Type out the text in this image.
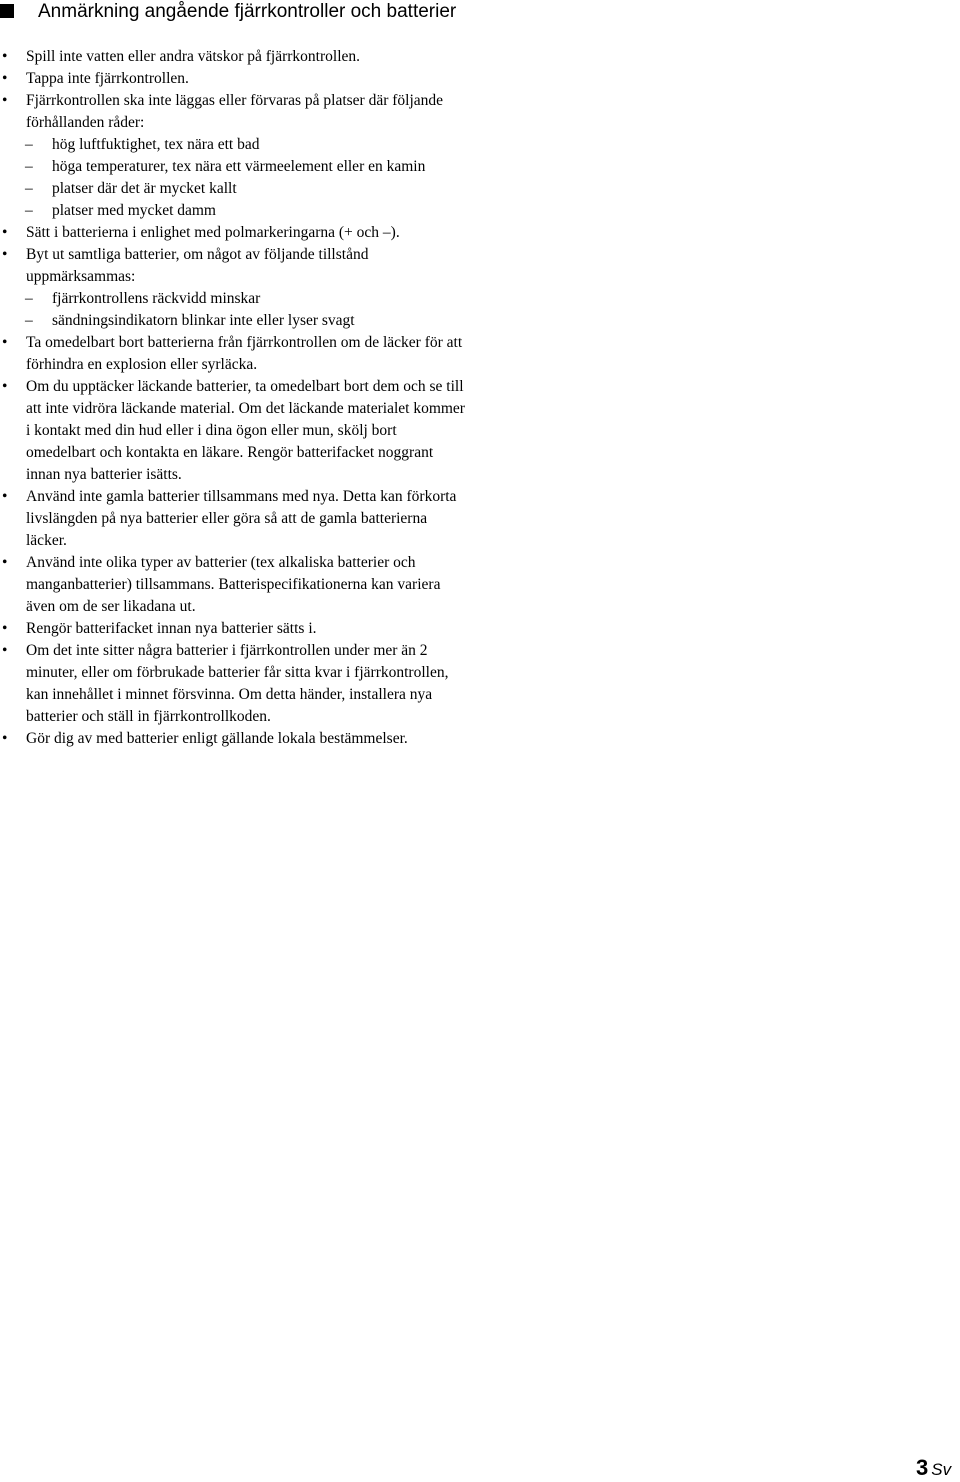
Anmärkning angående fjärrkontroller och batterier
• Spill inte vatten eller andra vätskor på fjärrkontrollen.
• Tappa inte fjärrkontrollen.
• Fjärrkontrollen ska inte läggas eller förvaras på platser där följande förhållanden råder:
– hög luftfuktighet, tex nära ett bad
– höga temperaturer, tex nära ett värmeelement eller en kamin
– platser där det är mycket kallt
– platser med mycket damm
• Sätt i batterierna i enlighet med polmarkeringarna (+ och –).
• Byt ut samtliga batterier, om något av följande tillstånd uppmärksammas:
– fjärrkontrollens räckvidd minskar
– sändningsindikatorn blinkar inte eller lyser svagt
• Ta omedelbart bort batterierna från fjärrkontrollen om de läcker för att förhindra en explosion eller syrläcka.
• Om du upptäcker läckande batterier, ta omedelbart bort dem och se till att inte vidröra läckande material. Om det läckande materialet kommer i kontakt med din hud eller i dina ögon eller mun, skölj bort omedelbart och kontakta en läkare. Rengör batterifacket noggrant innan nya batterier isätts.
• Använd inte gamla batterier tillsammans med nya. Detta kan förkorta livslängden på nya batterier eller göra så att de gamla batterierna läcker.
• Använd inte olika typer av batterier (tex alkaliska batterier och manganbatterier) tillsammans. Batterispecifikationerna kan variera även om de ser likadana ut.
• Rengör batterifacket innan nya batterier sätts i.
• Om det inte sitter några batterier i fjärrkontrollen under mer än 2 minuter, eller om förbrukade batterier får sitta kvar i fjärrkontrollen, kan innehållet i minnet försvinna. Om detta händer, installera nya batterier och ställ in fjärrkontrollkoden.
• Gör dig av med batterier enligt gällande lokala bestämmelser.
3 Sv
